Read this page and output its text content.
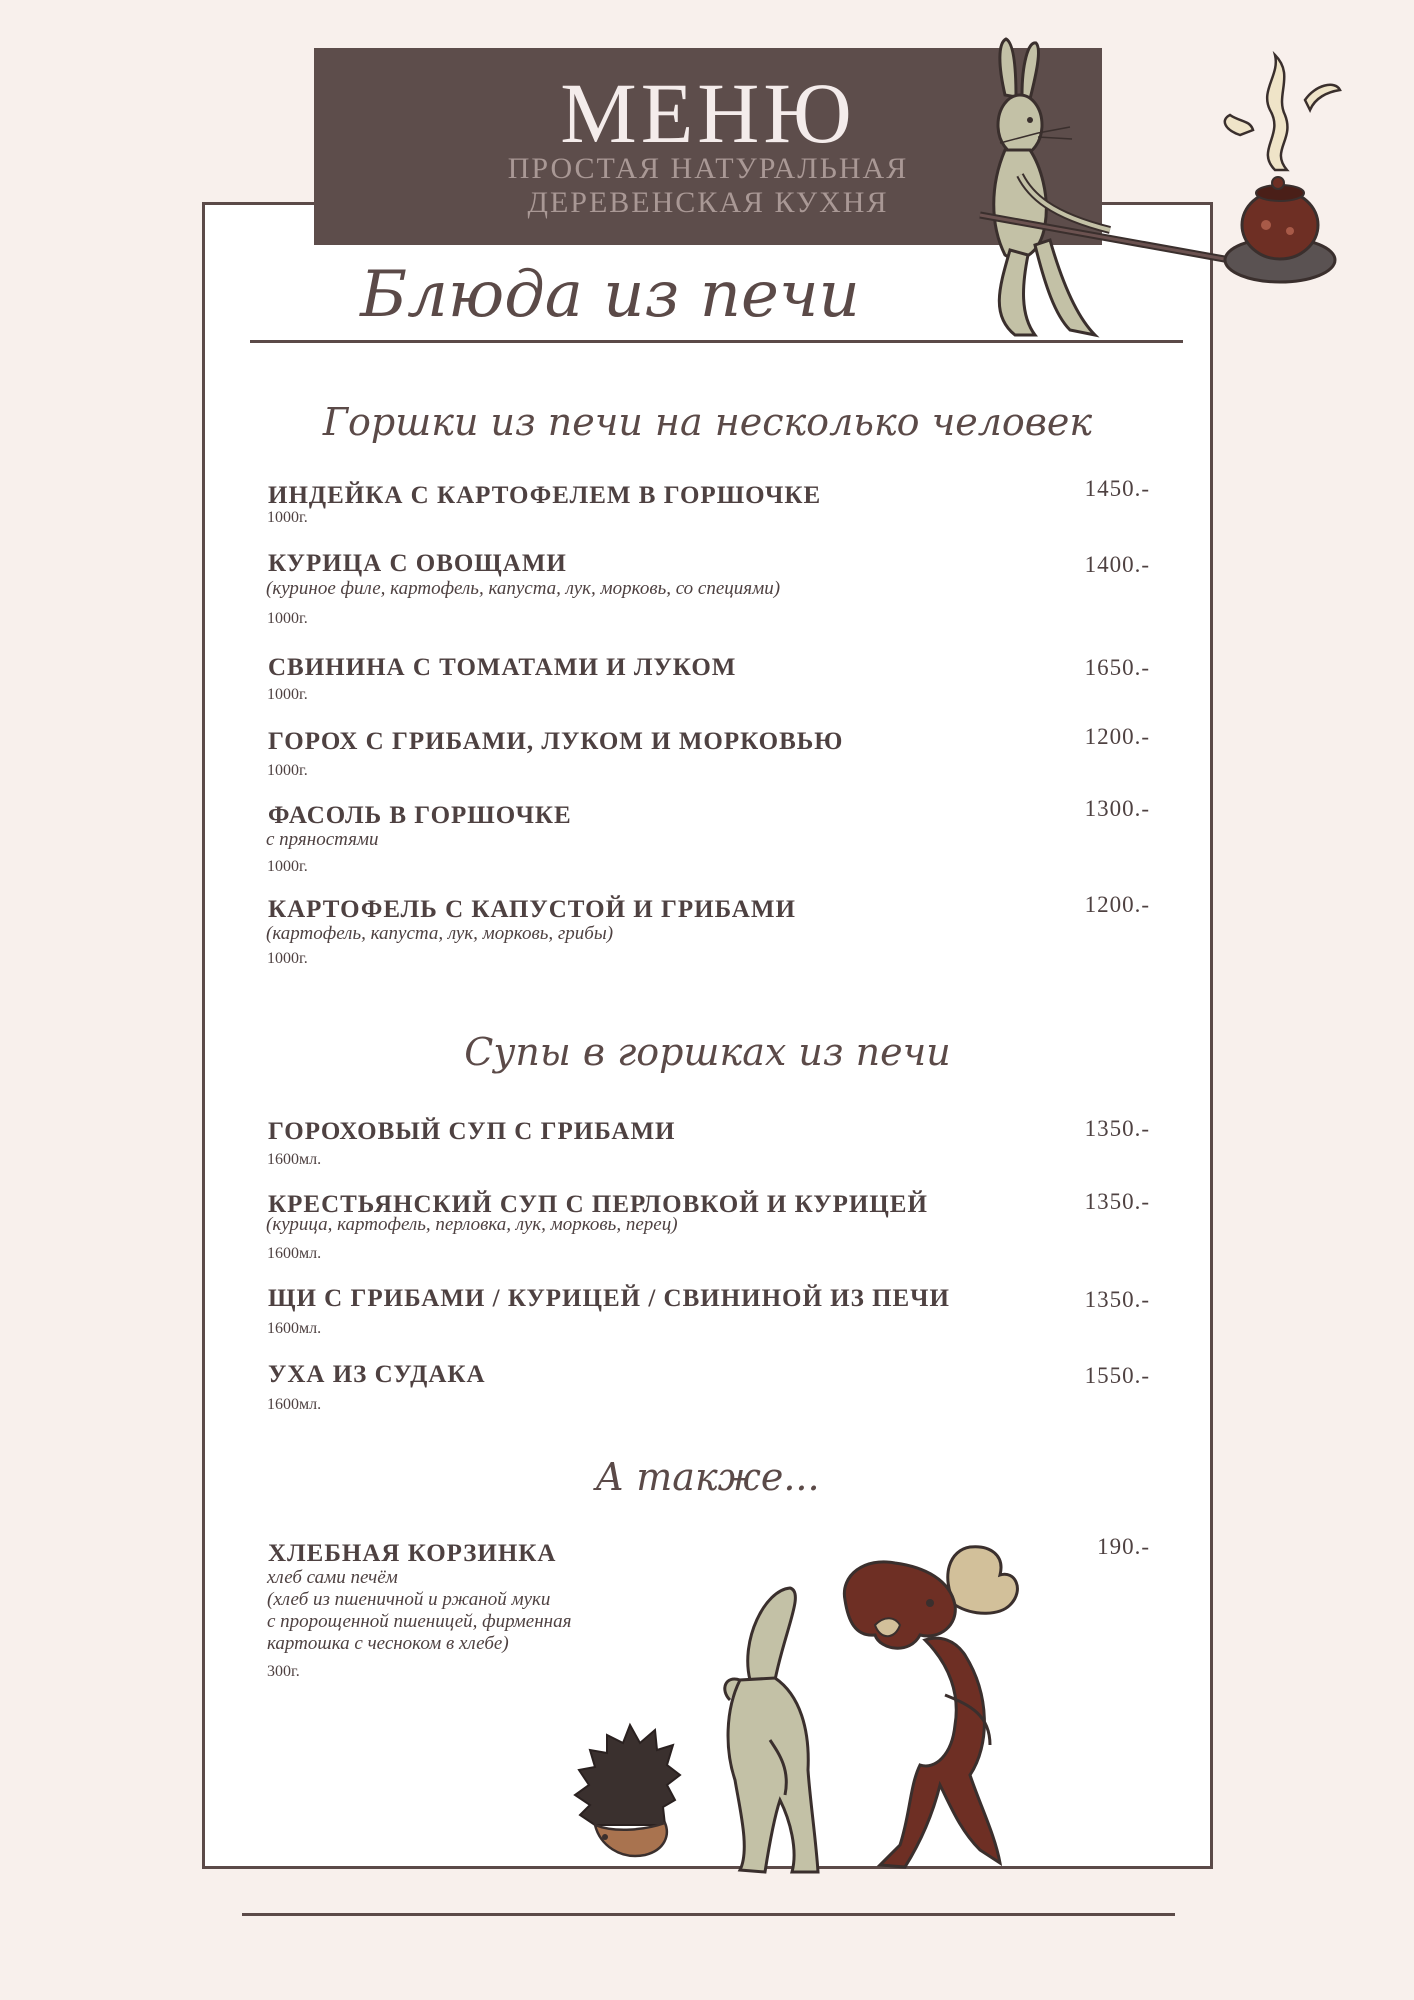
МЕНЮ
ПРОСТАЯ НАТУРАЛЬНАЯ
ДЕРЕВЕНСКАЯ КУХНЯ
Блюда из печи
Горшки из печи на несколько человек
ИНДЕЙКА С КАРТОФЕЛЕМ В ГОРШОЧКЕ
1000г.
1450.-
КУРИЦА С ОВОЩАМИ
(куриное филе, картофель, капуста, лук, морковь, со специями)
1000г.
1400.-
СВИНИНА С ТОМАТАМИ И ЛУКОМ
1000г.
1650.-
ГОРОХ С ГРИБАМИ, ЛУКОМ И МОРКОВЬЮ
1000г.
1200.-
ФАСОЛЬ В ГОРШОЧКЕ
с пряностями
1000г.
1300.-
КАРТОФЕЛЬ С КАПУСТОЙ И ГРИБАМИ
(картофель, капуста, лук, морковь, грибы)
1000г.
1200.-
Супы в горшках из печи
ГОРОХОВЫЙ СУП С ГРИБАМИ
1600мл.
1350.-
КРЕСТЬЯНСКИЙ СУП С ПЕРЛОВКОЙ И КУРИЦЕЙ
(курица, картофель, перловка, лук, морковь, перец)
1600мл.
1350.-
ЩИ С ГРИБАМИ / КУРИЦЕЙ / СВИНИНОЙ ИЗ ПЕЧИ
1600мл.
1350.-
УХА ИЗ СУДАКА
1600мл.
1550.-
А также...
ХЛЕБНАЯ КОРЗИНКА
хлеб сами печём
(хлеб из пшеничной и ржаной муки
с пророщенной пшеницей, фирменная
картошка с чесноком в хлебе)
300г.
190.-
